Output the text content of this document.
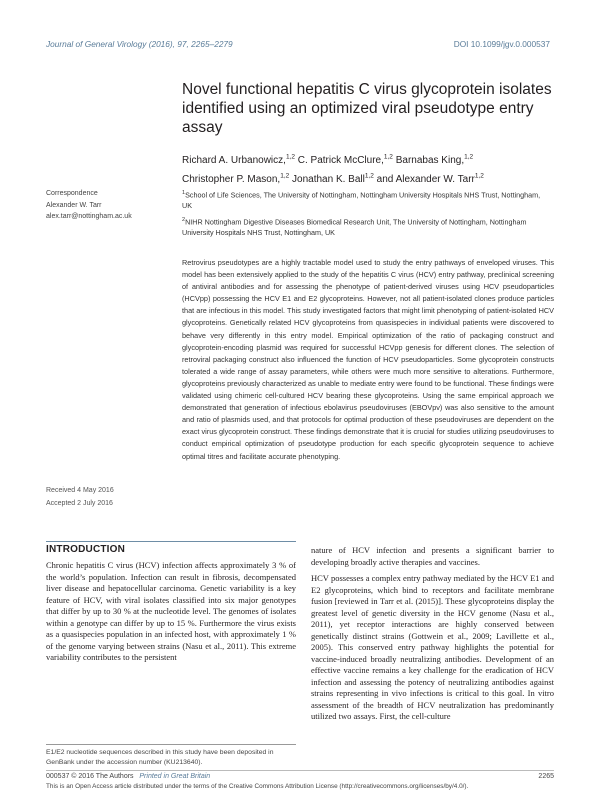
Journal of General Virology (2016), 97, 2265–2279	DOI 10.1099/jgv.0.000537
Novel functional hepatitis C virus glycoprotein isolates identified using an optimized viral pseudotype entry assay
Richard A. Urbanowicz,$^{1,2}$ C. Patrick McClure,$^{1,2}$ Barnabas King,$^{1,2}$
Christopher P. Mason,$^{1,2}$ Jonathan K. Ball$^{1,2}$ and Alexander W. Tarr$^{1,2}$
$^1$School of Life Sciences, The University of Nottingham, Nottingham University Hospitals NHS Trust, Nottingham, UK
$^2$NIHR Nottingham Digestive Diseases Biomedical Research Unit, The University of Nottingham, Nottingham University Hospitals NHS Trust, Nottingham, UK
Correspondence
Alexander W. Tarr
alex.tarr@nottingham.ac.uk
Retrovirus pseudotypes are a highly tractable model used to study the entry pathways of enveloped viruses. This model has been extensively applied to the study of the hepatitis C virus (HCV) entry pathway, preclinical screening of antiviral antibodies and for assessing the phenotype of patient-derived viruses using HCV pseudoparticles (HCVpp) possessing the HCV E1 and E2 glycoproteins. However, not all patient-isolated clones produce particles that are infectious in this model. This study investigated factors that might limit phenotyping of patient-isolated HCV glycoproteins. Genetically related HCV glycoproteins from quasispecies in individual patients were discovered to behave very differently in this entry model. Empirical optimization of the ratio of packaging construct and glycoprotein-encoding plasmid was required for successful HCVpp genesis for different clones. The selection of retroviral packaging construct also influenced the function of HCV pseudoparticles. Some glycoprotein constructs tolerated a wide range of assay parameters, while others were much more sensitive to alterations. Furthermore, glycoproteins previously characterized as unable to mediate entry were found to be functional. These findings were validated using chimeric cell-cultured HCV bearing these glycoproteins. Using the same empirical approach we demonstrated that generation of infectious ebolavirus pseudoviruses (EBOVpv) was also sensitive to the amount and ratio of plasmids used, and that protocols for optimal production of these pseudoviruses are dependent on the exact virus glycoprotein construct. These findings demonstrate that it is crucial for studies utilizing pseudoviruses to conduct empirical optimization of pseudotype production for each specific glycoprotein sequence to achieve optimal titres and facilitate accurate phenotyping.
Received 4 May 2016
Accepted 2 July 2016
INTRODUCTION

Chronic hepatitis C virus (HCV) infection affects approximately 3 % of the world’s population. Infection can result in fibrosis, decompensated liver disease and hepatocellular carcinoma. Genetic variability is a key feature of HCV, with viral isolates classified into six major genotypes that differ by up to 30 % at the nucleotide level. The genomes of isolates within a genotype can differ by up to 15 %. Furthermore the virus exists as a quasispecies population in an infected host, with approximately 1 % of the genome varying between strains (Nasu et al., 2011). This extreme variability contributes to the persistent

nature of HCV infection and presents a significant barrier to developing broadly active therapies and vaccines.

HCV possesses a complex entry pathway mediated by the HCV E1 and E2 glycoproteins, which bind to receptors and facilitate membrane fusion [reviewed in Tarr et al. (2015)]. These glycoproteins display the greatest level of genetic diversity in the HCV genome (Nasu et al., 2011), yet receptor interactions are highly conserved between genetically distinct strains (Gottwein et al., 2009; Lavillette et al., 2005). This conserved entry pathway highlights the potential for vaccine-induced broadly neutralizing antibodies. Development of an effective vaccine remains a key challenge for the eradication of HCV infection and assessing the potency of neutralizing antibodies against strains representing in vivo infections is critical to this goal. In vitro assessment of the breadth of HCV neutralization has predominantly utilized two assays. First, the cell-culture

E1/E2 nucleotide sequences described in this study have been deposited in GenBank under the accession number (KU213640).
000537 © 2016 The Authors Printed in Great Britain	2265
This is an Open Access article distributed under the terms of the Creative Commons Attribution License (http://creativecommons.org/licenses/by/4.0/).
